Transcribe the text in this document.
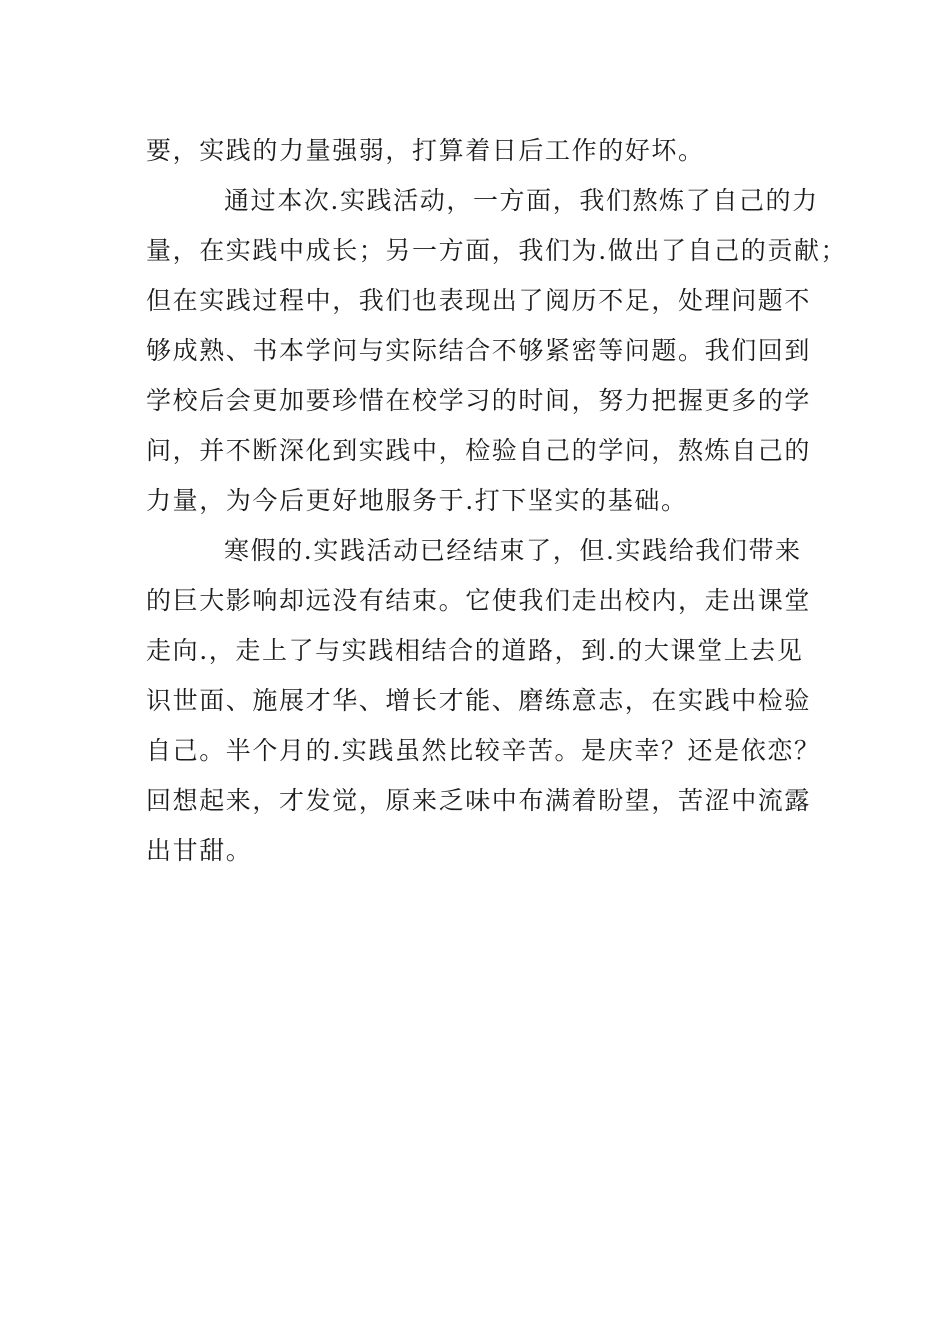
要，实践的力量强弱，打算着日后工作的好坏。
通过本次.实践活动，一方面，我们熬炼了自己的力
量，在实践中成长；另一方面，我们为.做出了自己的贡献；
但在实践过程中，我们也表现出了阅历不足，处理问题不
够成熟、书本学问与实际结合不够紧密等问题。我们回到
学校后会更加要珍惜在校学习的时间，努力把握更多的学
问，并不断深化到实践中，检验自己的学问，熬炼自己的
力量，为今后更好地服务于.打下坚实的基础。
寒假的.实践活动已经结束了，但.实践给我们带来
的巨大影响却远没有结束。它使我们走出校内，走出课堂
走向.，走上了与实践相结合的道路，到.的大课堂上去见
识世面、施展才华、增长才能、磨练意志，在实践中检验
自己。半个月的.实践虽然比较辛苦。是庆幸？还是依恋？
回想起来，才发觉，原来乏味中布满着盼望，苦涩中流露
出甘甜。
